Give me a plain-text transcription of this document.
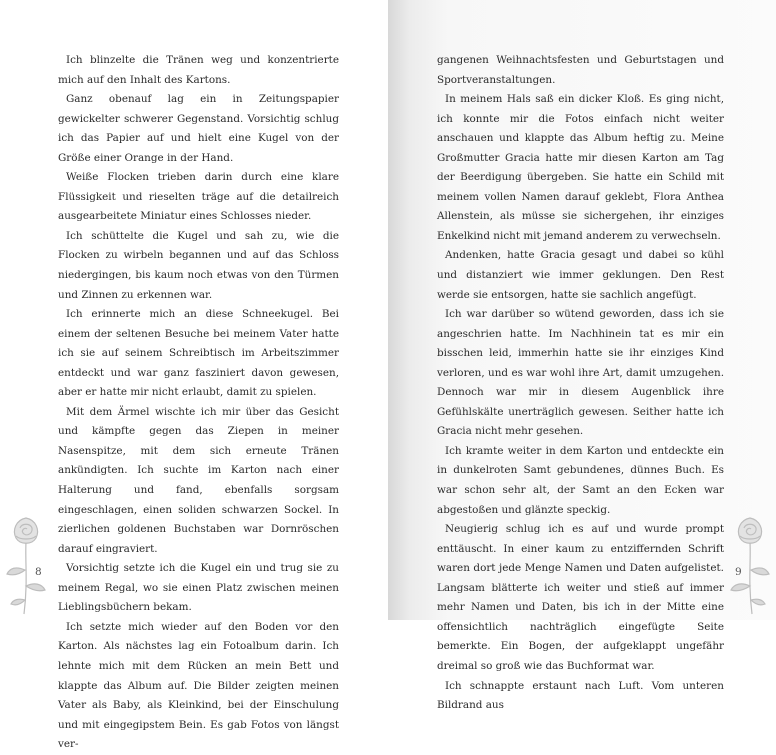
Ich blinzelte die Tränen weg und konzentrierte mich auf den Inhalt des Kartons.

Ganz obenauf lag ein in Zeitungspapier gewickelter schwerer Gegenstand. Vorsichtig schlug ich das Papier auf und hielt eine Kugel von der Größe einer Orange in der Hand.

Weiße Flocken trieben darin durch eine klare Flüssigkeit und rieselten träge auf die detailreich ausgearbeitete Miniatur eines Schlosses nieder.

Ich schüttelte die Kugel und sah zu, wie die Flocken zu wirbeln begannen und auf das Schloss niedergingen, bis kaum noch etwas von den Türmen und Zinnen zu erkennen war.

Ich erinnerte mich an diese Schneekugel. Bei einem der seltenen Besuche bei meinem Vater hatte ich sie auf seinem Schreibtisch im Arbeitszimmer entdeckt und war ganz fasziniert davon gewesen, aber er hatte mir nicht erlaubt, damit zu spielen.

Mit dem Ärmel wischte ich mir über das Gesicht und kämpfte gegen das Ziepen in meiner Nasenspitze, mit dem sich erneute Tränen ankündigten. Ich suchte im Karton nach einer Halterung und fand, ebenfalls sorgsam eingeschlagen, einen soliden schwarzen Sockel. In zierlichen goldenen Buchstaben war Dornröschen darauf eingraviert.

Vorsichtig setzte ich die Kugel ein und trug sie zu meinem Regal, wo sie einen Platz zwischen meinen Lieblingsbüchern bekam.

Ich setzte mich wieder auf den Boden vor den Karton. Als nächstes lag ein Fotoalbum darin. Ich lehnte mich mit dem Rücken an mein Bett und klappte das Album auf. Die Bilder zeigten meinen Vater als Baby, als Kleinkind, bei der Einschulung und mit eingegipstem Bein. Es gab Fotos von längst ver-

8

gangenen Weihnachtsfesten und Geburtstagen und Sportveranstaltungen.

In meinem Hals saß ein dicker Kloß. Es ging nicht, ich konnte mir die Fotos einfach nicht weiter anschauen und klappte das Album heftig zu. Meine Großmutter Gracia hatte mir diesen Karton am Tag der Beerdigung übergeben. Sie hatte ein Schild mit meinem vollen Namen darauf geklebt, Flora Anthea Allenstein, als müsse sie sichergehen, ihr einziges Enkelkind nicht mit jemand anderem zu verwechseln.

Andenken, hatte Gracia gesagt und dabei so kühl und distanziert wie immer geklungen. Den Rest werde sie entsorgen, hatte sie sachlich angefügt.

Ich war darüber so wütend geworden, dass ich sie angeschrien hatte. Im Nachhinein tat es mir ein bisschen leid, immerhin hatte sie ihr einziges Kind verloren, und es war wohl ihre Art, damit umzugehen. Dennoch war mir in diesem Augenblick ihre Gefühlskälte unerträglich gewesen. Seither hatte ich Gracia nicht mehr gesehen.

Ich kramte weiter in dem Karton und entdeckte ein in dunkelroten Samt gebundenes, dünnes Buch. Es war schon sehr alt, der Samt an den Ecken war abgestoßen und glänzte speckig.

Neugierig schlug ich es auf und wurde prompt enttäuscht. In einer kaum zu entziffernden Schrift waren dort jede Menge Namen und Daten aufgelistet. Langsam blätterte ich weiter und stieß auf immer mehr Namen und Daten, bis ich in der Mitte eine offensichtlich nachträglich eingefügte Seite bemerkte. Ein Bogen, der aufgeklappt ungefähr dreimal so groß wie das Buchformat war.

Ich schnappte erstaunt nach Luft. Vom unteren Bildrand aus

9
